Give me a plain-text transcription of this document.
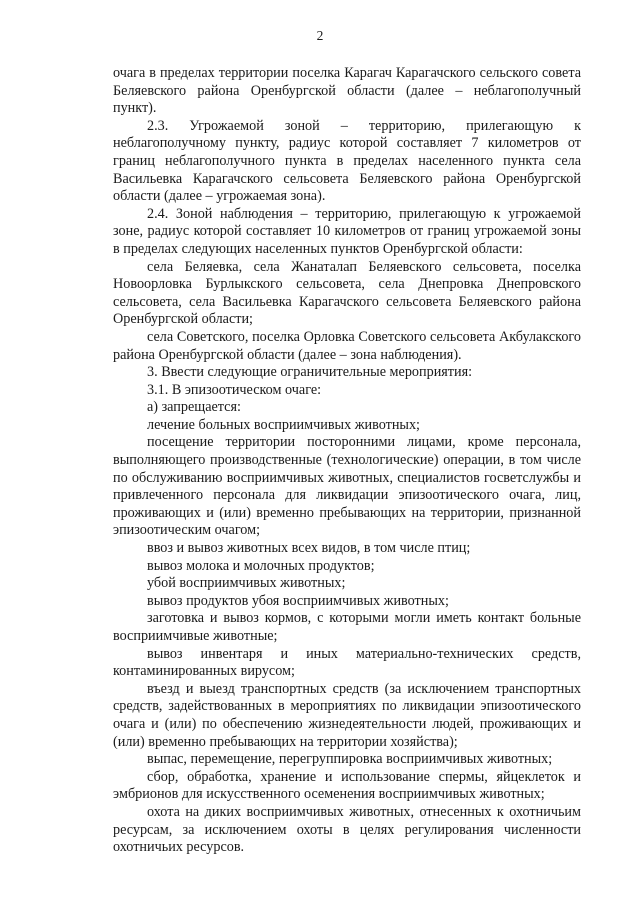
2

очага в пределах территории поселка Карагач Карагачского сельского совета Беляевского района Оренбургской области (далее – неблагополучный пункт).

2.3. Угрожаемой зоной – территорию, прилегающую к неблагополучному пункту, радиус которой составляет 7 километров от границ неблагополучного пункта в пределах населенного пункта села Васильевка Карагачского сельсовета Беляевского района Оренбургской области (далее – угрожаемая зона).

2.4. Зоной наблюдения – территорию, прилегающую к угрожаемой зоне, радиус которой составляет 10 километров от границ угрожаемой зоны в пределах следующих населенных пунктов Оренбургской области:

села Беляевка, села Жанаталап Беляевского сельсовета, поселка Новоорловка Бурлыкского сельсовета, села Днепровка Днепровского сельсовета, села Васильевка Карагачского сельсовета Беляевского района Оренбургской области;

села Советского, поселка Орловка Советского сельсовета Акбулакского района Оренбургской области (далее – зона наблюдения).

3. Ввести следующие ограничительные мероприятия:

3.1. В эпизоотическом очаге:

а) запрещается:

лечение больных восприимчивых животных;

посещение территории посторонними лицами, кроме персонала, выполняющего производственные (технологические) операции, в том числе по обслуживанию восприимчивых животных, специалистов госветслужбы и привлеченного персонала для ликвидации эпизоотического очага, лиц, проживающих и (или) временно пребывающих на территории, признанной эпизоотическим очагом;

ввоз и вывоз животных всех видов, в том числе птиц;

вывоз молока и молочных продуктов;

убой восприимчивых животных;

вывоз продуктов убоя восприимчивых животных;

заготовка и вывоз кормов, с которыми могли иметь контакт больные восприимчивые животные;

вывоз инвентаря и иных материально-технических средств, контаминированных вирусом;

въезд и выезд транспортных средств (за исключением транспортных средств, задействованных в мероприятиях по ликвидации эпизоотического очага и (или) по обеспечению жизнедеятельности людей, проживающих и (или) временно пребывающих на территории хозяйства);

выпас, перемещение, перегруппировка восприимчивых животных;

сбор, обработка, хранение и использование спермы, яйцеклеток и эмбрионов для искусственного осеменения восприимчивых животных;

охота на диких восприимчивых животных, отнесенных к охотничьим ресурсам, за исключением охоты в целях регулирования численности охотничьих ресурсов.
